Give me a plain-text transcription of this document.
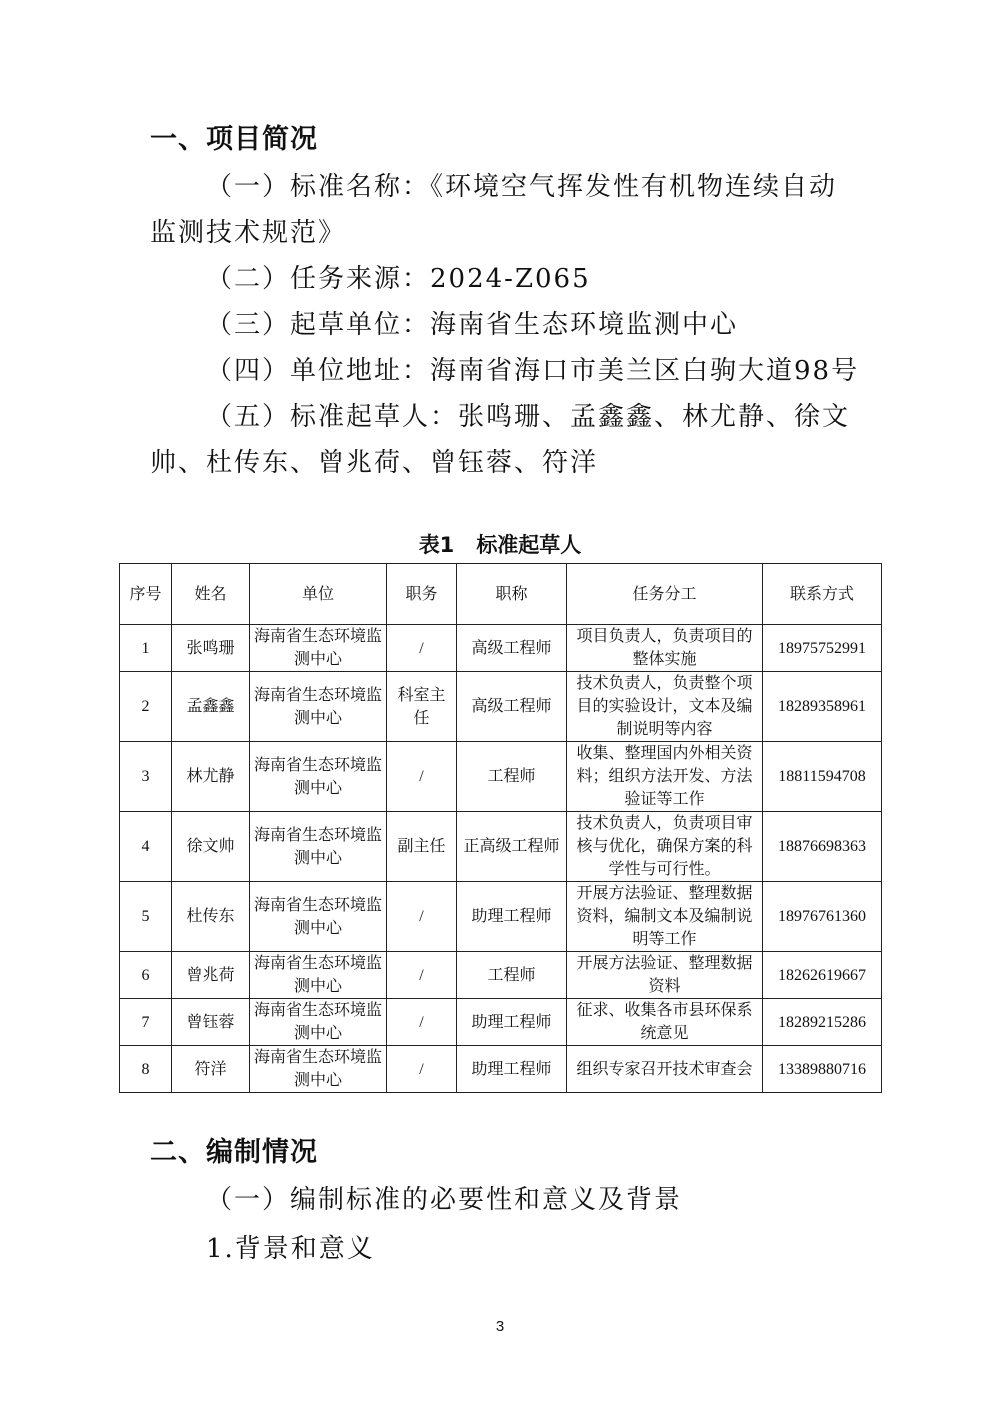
一、项目简况
（一）标准名称：《环境空气挥发性有机物连续自动监测技术规范》
（二）任务来源：2024-Z065
（三）起草单位：海南省生态环境监测中心
（四）单位地址：海南省海口市美兰区白驹大道98号
（五）标准起草人：张鸣珊、孟鑫鑫、林尤静、徐文帅、杜传东、曾兆荷、曾钰蓉、符洋
表1 标准起草人
序号	姓名	单位	职务	职称	任务分工	联系方式
1	张鸣珊	海南省生态环境监测中心	/	高级工程师	项目负责人，负责项目的整体实施	18975752991
2	孟鑫鑫	海南省生态环境监测中心	科室主任	高级工程师	技术负责人，负责整个项目的实验设计，文本及编制说明等内容	18289358961
3	林尤静	海南省生态环境监测中心	/	工程师	收集、整理国内外相关资料；组织方法开发、方法验证等工作	18811594708
4	徐文帅	海南省生态环境监测中心	副主任	正高级工程师	技术负责人，负责项目审核与优化，确保方案的科学性与可行性。	18876698363
5	杜传东	海南省生态环境监测中心	/	助理工程师	开展方法验证、整理数据资料，编制文本及编制说明等工作	18976761360
6	曾兆荷	海南省生态环境监测中心	/	工程师	开展方法验证、整理数据资料	18262619667
7	曾钰蓉	海南省生态环境监测中心	/	助理工程师	征求、收集各市县环保系统意见	18289215286
8	符洋	海南省生态环境监测中心	/	助理工程师	组织专家召开技术审查会	13389880716
二、编制情况
（一）编制标准的必要性和意义及背景
1.背景和意义
3
